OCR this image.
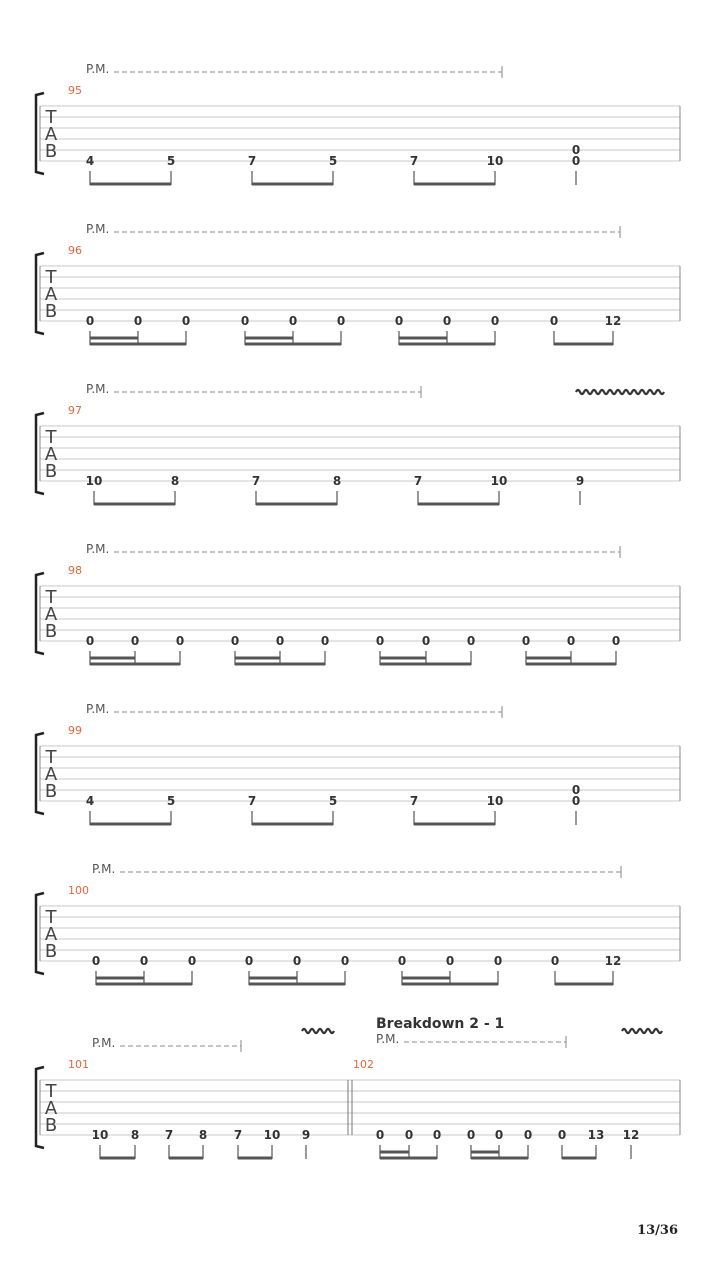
T
A
B
P.M.
95
4	5	7	5	7	10	0
0
T
A
B
P.M.
96
0	0	0	0	0	0	0	0	0	0	12
T
A
B
P.M.
97
10	8	7	8	7	10	9
T
A
B
P.M.
98
0	0	0	0	0	0	0	0	0	0	0	0
T
A
B
P.M.
99
4	5	7	5	7	10	0
0
T
A
B
P.M.
100
0	0	0	0	0	0	0	0	0	0	12
T
A
B
P.M.	P.M.
Breakdown 2 - 1
101
10 8 7 8 7 10 9
102
0 0 0 0 0 0 0 13 12
13/36
